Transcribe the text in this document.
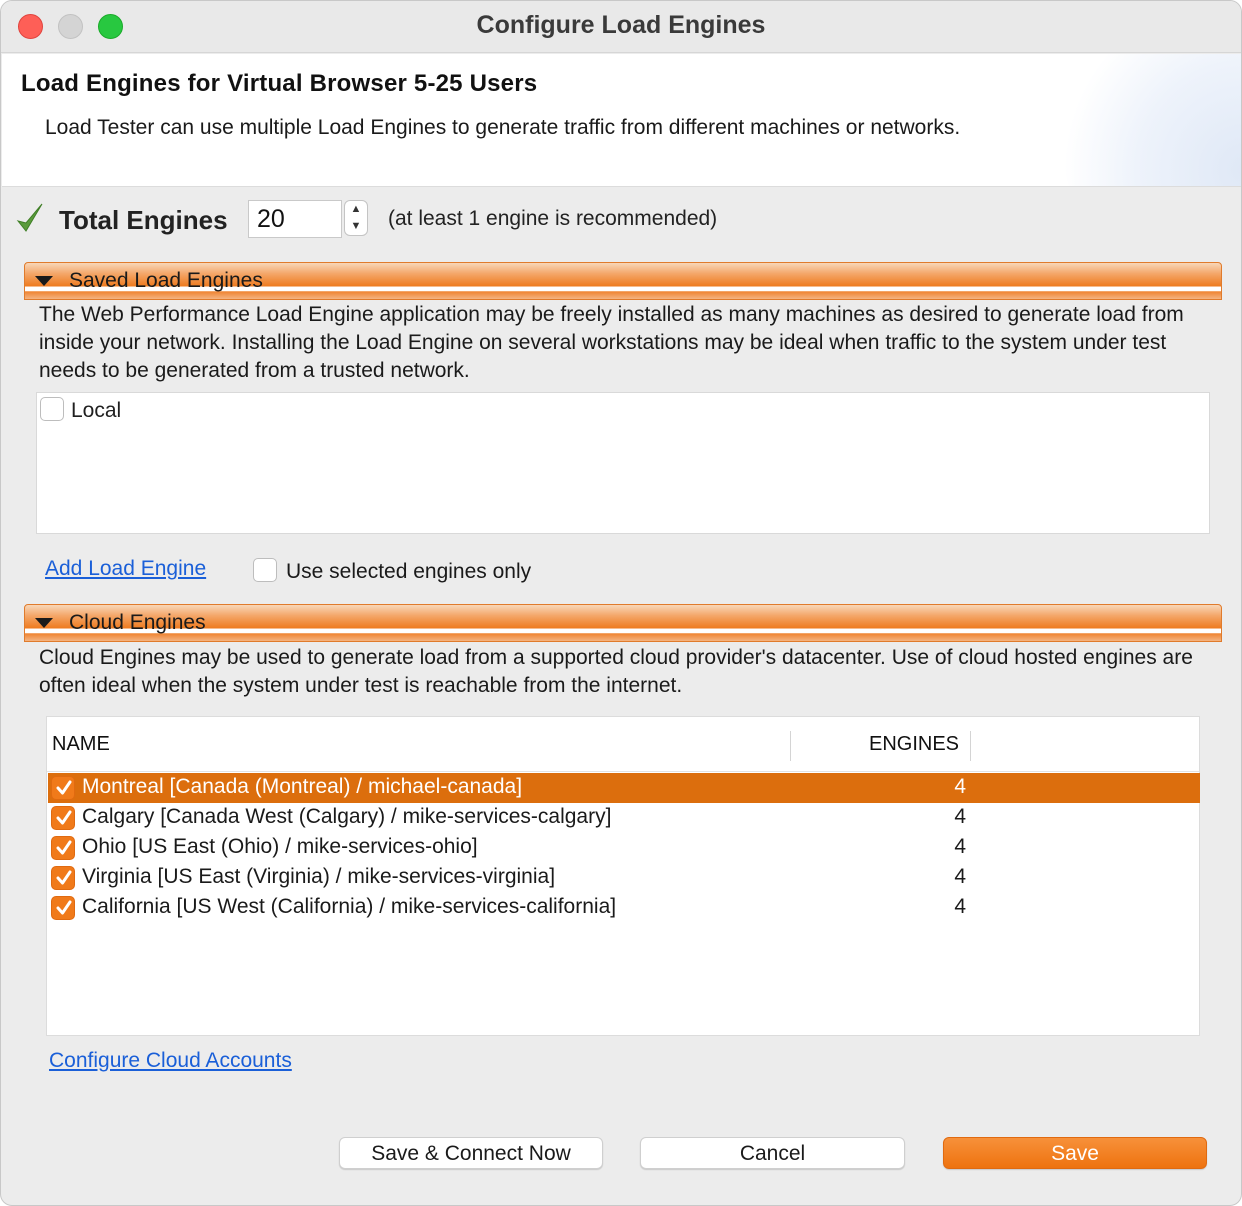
Configure Load Engines
Load Engines for Virtual Browser 5-25 Users
Load Tester can use multiple Load Engines to generate traffic from different machines or networks.
Total Engines
20	▲
▼ (at least 1 engine is recommended)
Saved Load Engines
The Web Performance Load Engine application may be freely installed as many machines as desired to generate load from inside your network. Installing the Load Engine on several workstations may be ideal when traffic to the system under test needs to be generated from a trusted network.
Local
Add Load Engine	Use selected engines only
Cloud Engines
Cloud Engines may be used to generate load from a supported cloud provider's datacenter. Use of cloud hosted engines are often ideal when the system under test is reachable from the internet.
NAME	ENGINES
Montreal [Canada (Montreal) / michael-canada]	4
Calgary [Canada West (Calgary) / mike-services-calgary]	4
Ohio [US East (Ohio) / mike-services-ohio]	4
Virginia [US East (Virginia) / mike-services-virginia]	4
California [US West (California) / mike-services-california]	4
Configure Cloud Accounts
Save & Connect Now	Cancel	Save
